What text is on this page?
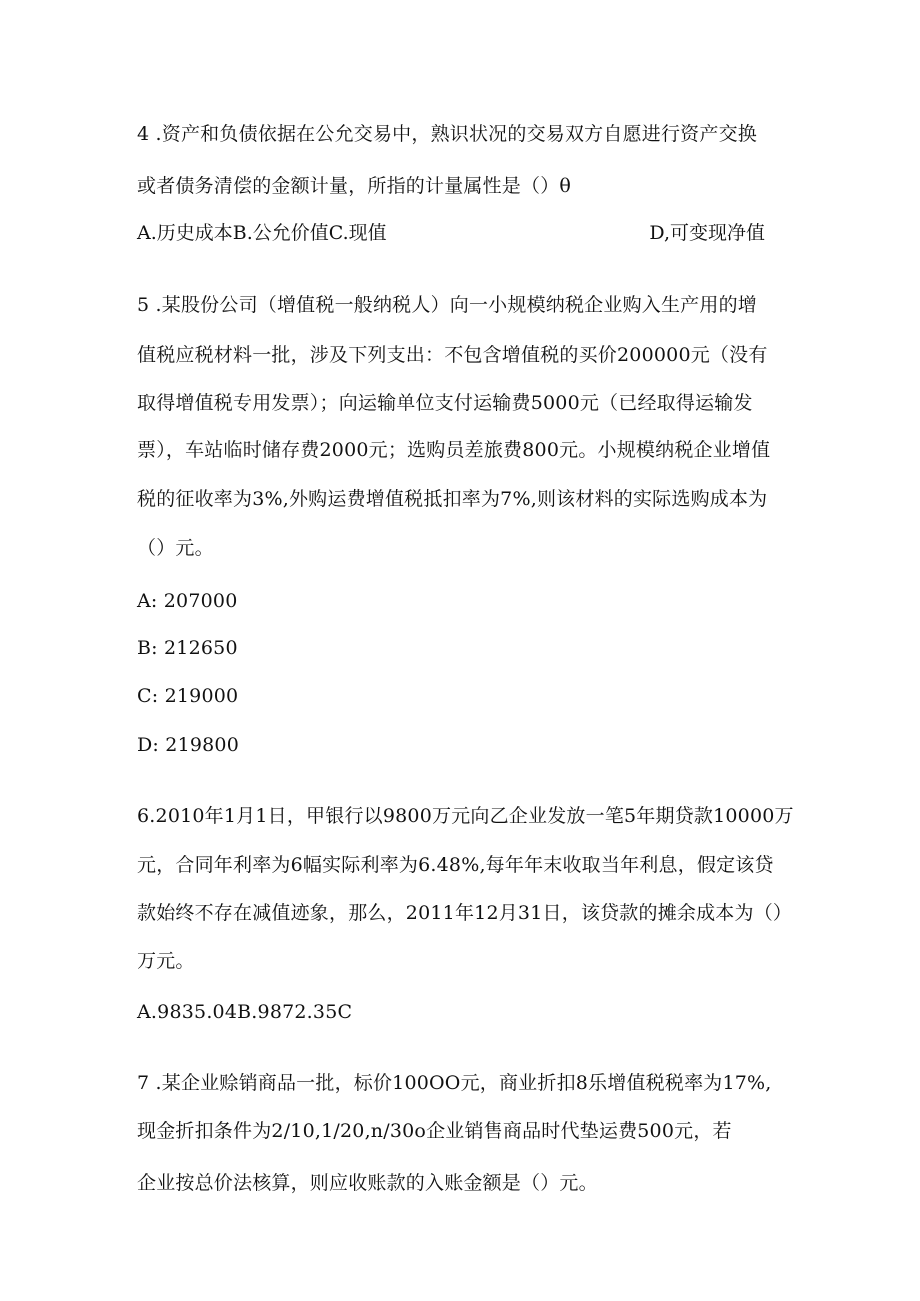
4 .资产和负债依据在公允交易中，熟识状况的交易双方自愿进行资产交换
或者债务清偿的金额计量，所指的计量属性是（）θ
A.历史成本B.公允价值C.现值	D,可变现净值
5 .某股份公司（增值税一般纳税人）向一小规模纳税企业购入生产用的增
值税应税材料一批，涉及下列支出：不包含增值税的买价200000元（没有
取得增值税专用发票）；向运输单位支付运输费5000元（已经取得运输发
票），车站临时储存费2000元；选购员差旅费800元。小规模纳税企业增值
税的征收率为3%,外购运费增值税抵扣率为7%,则该材料的实际选购成本为
（）元。
A: 207000
B: 212650
C: 219000
D: 219800
6.2010年1月1日，甲银行以9800万元向乙企业发放一笔5年期贷款10000万
元，合同年利率为6幅实际利率为6.48%,每年年末收取当年利息，假定该贷
款始终不存在减值迹象，那么，2011年12月31日，该贷款的摊余成本为（）
万元。
A.9835.04B.9872.35C
7 .某企业赊销商品一批，标价100OO元，商业折扣8乐增值税税率为17%,
现金折扣条件为2/10,1/20,n/30o企业销售商品时代垫运费500元，若
企业按总价法核算，则应收账款的入账金额是（）元。
